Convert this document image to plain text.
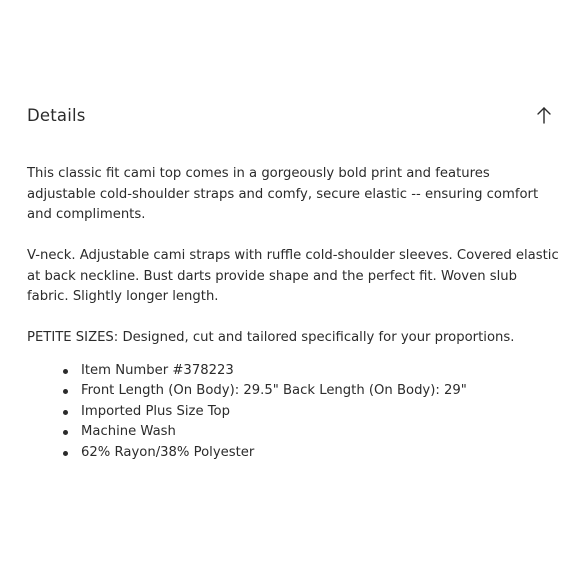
Details

This classic fit cami top comes in a gorgeously bold print and features adjustable cold-shoulder straps and comfy, secure elastic -- ensuring comfort and compliments.

V-neck. Adjustable cami straps with ruffle cold-shoulder sleeves. Covered elastic at back neckline. Bust darts provide shape and the perfect fit. Woven slub fabric. Slightly longer length.

PETITE SIZES: Designed, cut and tailored specifically for your proportions.

Item Number #378223
Front Length (On Body): 29.5" Back Length (On Body): 29"
Imported Plus Size Top
Machine Wash
62% Rayon/38% Polyester
